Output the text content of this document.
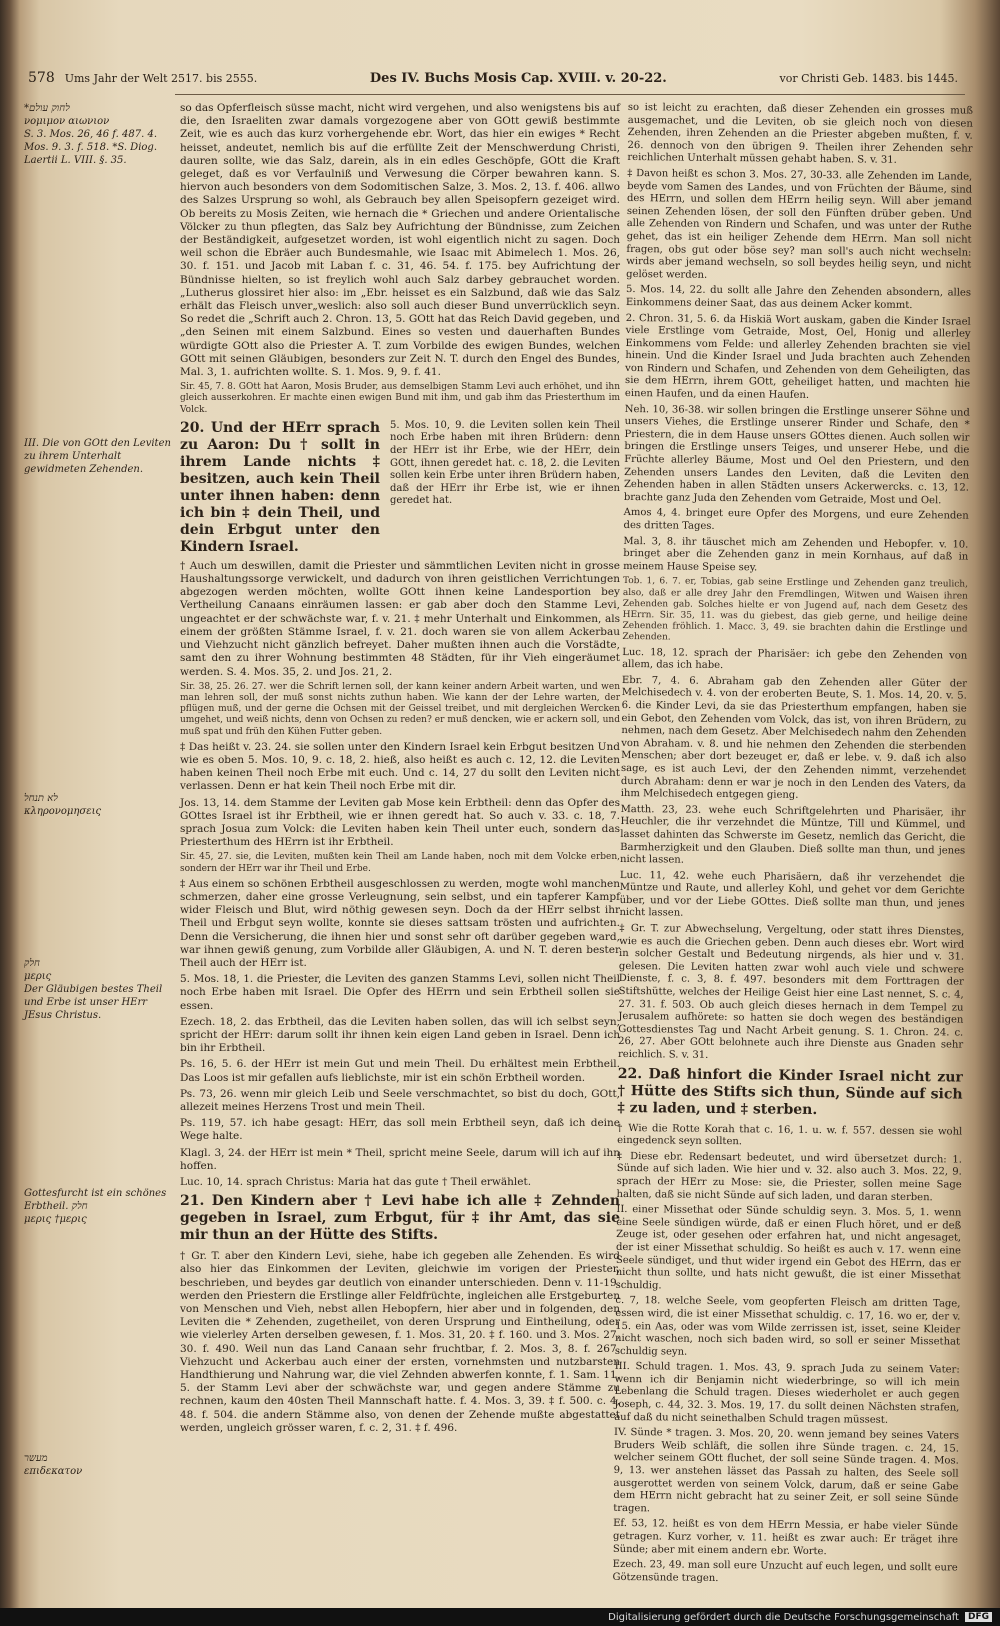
578 Ums Jahr der Welt 2517. bis 2555.	Des IV. Buchs Mosis Cap. XVIII. v. 20-22.	vor Christi Geb. 1483. bis 1445.
*לחוק עולם
νομιμον αιωνιον
S. 3. Mos. 26, 46 f. 487. 4. Mos. 9. 3. f. 518. *S. Diog. Laertii L. VIII. §. 35.
III. Die von GOtt den Leviten zu ihrem Unterhalt gewidmeten Zehenden.
לא תנחל
κληρονομησεις
חלק
μερις
Der Gläubigen bestes Theil und Erbe ist unser HErr JEsus Christus.
Gottesfurcht ist ein schönes Erbtheil. חלק
μερις †μερις
מעשר
επιδεκατον

so das Opferfleisch süsse macht, nicht wird vergehen, und also wenigstens bis auf die, den Israeliten zwar damals vorgezogene aber von GOtt gewiß bestimmte Zeit, wie es auch das kurz vorhergehende ebr. Wort, das hier ein ewiges * Recht heisset, andeutet, nemlich bis auf die erfüllte Zeit der Menschwerdung Christi, dauren sollte, wie das Salz, darein, als in ein edles Geschöpfe, GOtt die Kraft geleget, daß es vor Verfaulniß und Verwesung die Cörper bewahren kann. S. hiervon auch besonders von dem Sodomitischen Salze, 3. Mos. 2, 13. f. 406. allwo des Salzes Ursprung so wohl, als Gebrauch bey allen Speisopfern gezeiget wird. Ob bereits zu Mosis Zeiten, wie hernach die * Griechen und andere Orientalische Völcker zu thun pflegten, das Salz bey Aufrichtung der Bündnisse, zum Zeichen der Beständigkeit, aufgesetzet worden, ist wohl eigentlich nicht zu sagen. Doch weil schon die Ebräer auch Bundesmahle, wie Isaac mit Abimelech 1. Mos. 26, 30. f. 151. und Jacob mit Laban f. c. 31, 46. 54. f. 175. bey Aufrichtung der Bündnisse hielten, so ist freylich wohl auch Salz darbey gebrauchet worden. „Lutherus glossiret hier also: im „Ebr. heisset es ein Salzbund, daß wie das Salz erhält das Fleisch unver„weslich: also soll auch dieser Bund unverrücklich seyn. So redet die „Schrift auch 2. Chron. 13, 5. GOtt hat das Reich David gegeben, und „den Seinen mit einem Salzbund. Eines so vesten und dauerhaften Bundes würdigte GOtt also die Priester A. T. zum Vorbilde des ewigen Bundes, welchen GOtt mit seinen Gläubigen, besonders zur Zeit N. T. durch den Engel des Bundes, Mal. 3, 1. aufrichten wollte. S. 1. Mos. 9, 9. f. 41.

Sir. 45, 7. 8. GOtt hat Aaron, Mosis Bruder, aus demselbigen Stamm Levi auch erhöhet, und ihn gleich ausserkohren. Er machte einen ewigen Bund mit ihm, und gab ihm das Priesterthum im Volck.

20. Und der HErr sprach zu Aaron: Du † sollt in ihrem Lande nichts ‡ besitzen, auch kein Theil unter ihnen haben: denn ich bin ‡ dein Theil, und dein Erbgut unter den Kindern Israel.
5. Mos. 10, 9. die Leviten sollen kein Theil noch Erbe haben mit ihren Brüdern: denn der HErr ist ihr Erbe, wie der HErr, dein GOtt, ihnen geredet hat. c. 18, 2. die Leviten sollen kein Erbe unter ihren Brüdern haben, daß der HErr ihr Erbe ist, wie er ihnen geredet hat.

† Auch um deswillen, damit die Priester und sämmtlichen Leviten nicht in grosse Haushaltungssorge verwickelt, und dadurch von ihren geistlichen Verrichtungen abgezogen werden möchten, wollte GOtt ihnen keine Landesportion bey Vertheilung Canaans einräumen lassen: er gab aber doch den Stamme Levi, ungeachtet er der schwächste war, f. v. 21. ‡ mehr Unterhalt und Einkommen, als einem der größten Stämme Israel, f. v. 21. doch waren sie von allem Ackerbau und Viehzucht nicht gänzlich befreyet. Daher mußten ihnen auch die Vorstädte, samt den zu ihrer Wohnung bestimmten 48 Städten, für ihr Vieh eingeräumet werden. S. 4. Mos. 35, 2. und Jos. 21, 2.

Sir. 38, 25. 26. 27. wer die Schrift lernen soll, der kann keiner andern Arbeit warten, und wen man lehren soll, der muß sonst nichts zuthun haben. Wie kann der der Lehre warten, der pflügen muß, und der gerne die Ochsen mit der Geissel treibet, und mit dergleichen Wercken umgehet, und weiß nichts, denn von Ochsen zu reden? er muß dencken, wie er ackern soll, und muß spat und früh den Kühen Futter geben.

‡ Das heißt v. 23. 24. sie sollen unter den Kindern Israel kein Erbgut besitzen Und wie es oben 5. Mos. 10, 9. c. 18, 2. hieß, also heißt es auch c. 12, 12. die Leviten haben keinen Theil noch Erbe mit euch. Und c. 14, 27 du sollt den Leviten nicht verlassen. Denn er hat kein Theil noch Erbe mit dir.

Jos. 13, 14. dem Stamme der Leviten gab Mose kein Erbtheil: denn das Opfer des GOttes Israel ist ihr Erbtheil, wie er ihnen geredt hat. So auch v. 33. c. 18, 7. sprach Josua zum Volck: die Leviten haben kein Theil unter euch, sondern das Priesterthum des HErrn ist ihr Erbtheil.

Sir. 45, 27. sie, die Leviten, mußten kein Theil am Lande haben, noch mit dem Volcke erben, sondern der HErr war ihr Theil und Erbe.

‡ Aus einem so schönen Erbtheil ausgeschlossen zu werden, mogte wohl manchen schmerzen, daher eine grosse Verleugnung, sein selbst, und ein tapferer Kampf wider Fleisch und Blut, wird nöthig gewesen seyn. Doch da der HErr selbst ihr Theil und Erbgut seyn wollte, konnte sie dieses sattsam trösten und aufrichten. Denn die Versicherung, die ihnen hier und sonst sehr oft darüber gegeben ward, war ihnen gewiß genung, zum Vorbilde aller Gläubigen, A. und N. T. deren bester Theil auch der HErr ist.

5. Mos. 18, 1. die Priester, die Leviten des ganzen Stamms Levi, sollen nicht Theil noch Erbe haben mit Israel. Die Opfer des HErrn und sein Erbtheil sollen sie essen.

Ezech. 18, 2. das Erbtheil, das die Leviten haben sollen, das will ich selbst seyn, spricht der HErr: darum sollt ihr ihnen kein eigen Land geben in Israel. Denn ich bin ihr Erbtheil.

Ps. 16, 5. 6. der HErr ist mein Gut und mein Theil. Du erhältest mein Erbtheil. Das Loos ist mir gefallen aufs lieblichste, mir ist ein schön Erbtheil worden.

Ps. 73, 26. wenn mir gleich Leib und Seele verschmachtet, so bist du doch, GOtt, allezeit meines Herzens Trost und mein Theil.

Ps. 119, 57. ich habe gesagt: HErr, das soll mein Erbtheil seyn, daß ich deine Wege halte.

Klagl. 3, 24. der HErr ist mein * Theil, spricht meine Seele, darum will ich auf ihn hoffen.

Luc. 10, 14. sprach Christus: Maria hat das gute † Theil erwählet.

21. Den Kindern aber † Levi habe ich alle ‡ Zehnden gegeben in Israel, zum Erbgut, für ‡ ihr Amt, das sie mir thun an der Hütte des Stifts.

† Gr. T. aber den Kindern Levi, siehe, habe ich gegeben alle Zehenden. Es wird also hier das Einkommen der Leviten, gleichwie im vorigen der Priester, beschrieben, und beydes gar deutlich von einander unterschieden. Denn v. 11-19. werden den Priestern die Erstlinge aller Feldfrüchte, ingleichen alle Erstgeburten von Menschen und Vieh, nebst allen Hebopfern, hier aber und in folgenden, den Leviten die * Zehenden, zugetheilet, von deren Ursprung und Eintheilung, oder wie vielerley Arten derselben gewesen, f. 1. Mos. 31, 20. ‡ f. 160. und 3. Mos. 27, 30. f. 490. Weil nun das Land Canaan sehr fruchtbar, f. 2. Mos. 3, 8. f. 267. Viehzucht und Ackerbau auch einer der ersten, vornehmsten und nutzbarsten Handthierung und Nahrung war, die viel Zehnden abwerfen konnte, f. 1. Sam. 11, 5. der Stamm Levi aber der schwächste war, und gegen andere Stämme zu rechnen, kaum den 40sten Theil Mannschaft hatte. f. 4. Mos. 3, 39. ‡ f. 500. c. 4, 48. f. 504. die andern Stämme also, von denen der Zehende mußte abgestattet werden, ungleich grösser waren, f. c. 2, 31. ‡ f. 496.

so ist leicht zu erachten, daß dieser Zehenden ein grosses muß ausgemachet, und die Leviten, ob sie gleich noch von diesen Zehenden, ihren Zehenden an die Priester abgeben mußten, f. v. 26. dennoch von den übrigen 9. Theilen ihrer Zehenden sehr reichlichen Unterhalt müssen gehabt haben. S. v. 31.

‡ Davon heißt es schon 3. Mos. 27, 30-33. alle Zehenden im Lande, beyde vom Samen des Landes, und von Früchten der Bäume, sind des HErrn, und sollen dem HErrn heilig seyn. Will aber jemand seinen Zehenden lösen, der soll den Fünften drüber geben. Und alle Zehenden von Rindern und Schafen, und was unter der Ruthe gehet, das ist ein heiliger Zehende dem HErrn. Man soll nicht fragen, obs gut oder böse sey? man soll's auch nicht wechseln: wirds aber jemand wechseln, so soll beydes heilig seyn, und nicht gelöset werden.

5. Mos. 14, 22. du sollt alle Jahre den Zehenden absondern, alles Einkommens deiner Saat, das aus deinem Acker kommt.

2. Chron. 31, 5. 6. da Hiskiä Wort auskam, gaben die Kinder Israel viele Erstlinge vom Getraide, Most, Oel, Honig und allerley Einkommens vom Felde: und allerley Zehenden brachten sie viel hinein. Und die Kinder Israel und Juda brachten auch Zehenden von Rindern und Schafen, und Zehenden von dem Geheiligten, das sie dem HErrn, ihrem GOtt, geheiliget hatten, und machten hie einen Haufen, und da einen Haufen.

Neh. 10, 36-38. wir sollen bringen die Erstlinge unserer Söhne und unsers Viehes, die Erstlinge unserer Rinder und Schafe, den * Priestern, die in dem Hause unsers GOttes dienen. Auch sollen wir bringen die Erstlinge unsers Teiges, und unserer Hebe, und die Früchte allerley Bäume, Most und Oel den Priestern, und den Zehenden unsers Landes den Leviten, daß die Leviten den Zehenden haben in allen Städten unsers Ackerwercks. c. 13, 12. brachte ganz Juda den Zehenden vom Getraide, Most und Oel.

Amos 4, 4. bringet eure Opfer des Morgens, und eure Zehenden des dritten Tages.

Mal. 3, 8. ihr täuschet mich am Zehenden und Hebopfer. v. 10. bringet aber die Zehenden ganz in mein Kornhaus, auf daß in meinem Hause Speise sey.

Tob. 1, 6. 7. er, Tobias, gab seine Erstlinge und Zehenden ganz treulich, also, daß er alle drey Jahr den Fremdlingen, Witwen und Waisen ihren Zehenden gab. Solches hielte er von Jugend auf, nach dem Gesetz des HErrn. Sir. 35, 11. was du giebest, das gieb gerne, und heilige deine Zehenden fröhlich. 1. Macc. 3, 49. sie brachten dahin die Erstlinge und Zehenden.

Luc. 18, 12. sprach der Pharisäer: ich gebe den Zehenden von allem, das ich habe.

Ebr. 7, 4. 6. Abraham gab den Zehenden aller Güter der Melchisedech v. 4. von der eroberten Beute, S. 1. Mos. 14, 20. v. 5. 6. die Kinder Levi, da sie das Priesterthum empfangen, haben sie ein Gebot, den Zehenden vom Volck, das ist, von ihren Brüdern, zu nehmen, nach dem Gesetz. Aber Melchisedech nahm den Zehenden von Abraham. v. 8. und hie nehmen den Zehenden die sterbenden Menschen; aber dort bezeuget er, daß er lebe. v. 9. daß ich also sage, es ist auch Levi, der den Zehenden nimmt, verzehendet durch Abraham: denn er war je noch in den Lenden des Vaters, da ihm Melchisedech entgegen gieng.

Matth. 23, 23. wehe euch Schriftgelehrten und Pharisäer, ihr Heuchler, die ihr verzehndet die Müntze, Till und Kümmel, und lasset dahinten das Schwerste im Gesetz, nemlich das Gericht, die Barmherzigkeit und den Glauben. Dieß sollte man thun, und jenes nicht lassen.

Luc. 11, 42. wehe euch Pharisäern, daß ihr verzehendet die Müntze und Raute, und allerley Kohl, und gehet vor dem Gerichte über, und vor der Liebe GOttes. Dieß sollte man thun, und jenes nicht lassen.

‡ Gr. T. zur Abwechselung, Vergeltung, oder statt ihres Dienstes, wie es auch die Griechen geben. Denn auch dieses ebr. Wort wird in solcher Gestalt und Bedeutung nirgends, als hier und v. 31. gelesen. Die Leviten hatten zwar wohl auch viele und schwere Dienste, f. c. 3, 8. f. 497. besonders mit dem Forttragen der Stiftshütte, welches der Heilige Geist hier eine Last nennet, S. c. 4, 27. 31. f. 503. Ob auch gleich dieses hernach in dem Tempel zu Jerusalem aufhörete: so hatten sie doch wegen des beständigen Gottesdienstes Tag und Nacht Arbeit genung. S. 1. Chron. 24. c. 26, 27. Aber GOtt belohnete auch ihre Dienste aus Gnaden sehr reichlich. S. v. 31.

22. Daß hinfort die Kinder Israel nicht zur † Hütte des Stifts sich thun, Sünde auf sich ‡ zu laden, und ‡ sterben.

† Wie die Rotte Korah that c. 16, 1. u. w. f. 557. dessen sie wohl eingedenck seyn sollten.

‡ Diese ebr. Redensart bedeutet, und wird übersetzet durch: 1. Sünde auf sich laden. Wie hier und v. 32. also auch 3. Mos. 22, 9. sprach der HErr zu Mose: sie, die Priester, sollen meine Sage halten, daß sie nicht Sünde auf sich laden, und daran sterben.

II. einer Missethat oder Sünde schuldig seyn. 3. Mos. 5, 1. wenn eine Seele sündigen würde, daß er einen Fluch höret, und er deß Zeuge ist, oder gesehen oder erfahren hat, und nicht angesaget, der ist einer Missethat schuldig. So heißt es auch v. 17. wenn eine Seele sündiget, und thut wider irgend ein Gebot des HErrn, das er nicht thun sollte, und hats nicht gewußt, die ist einer Missethat schuldig.

c. 7, 18. welche Seele, vom geopferten Fleisch am dritten Tage, essen wird, die ist einer Missethat schuldig. c. 17, 16. wo er, der v. 15. ein Aas, oder was vom Wilde zerrissen ist, isset, seine Kleider nicht waschen, noch sich baden wird, so soll er seiner Missethat schuldig seyn.

III. Schuld tragen. 1. Mos. 43, 9. sprach Juda zu seinem Vater: wenn ich dir Benjamin nicht wiederbringe, so will ich mein Lebenlang die Schuld tragen. Dieses wiederholet er auch gegen Joseph, c. 44, 32. 3. Mos. 19, 17. du sollt deinen Nächsten strafen, auf daß du nicht seinethalben Schuld tragen müssest.

IV. Sünde * tragen. 3. Mos. 20, 20. wenn jemand bey seines Vaters Bruders Weib schläft, die sollen ihre Sünde tragen. c. 24, 15. welcher seinem GOtt fluchet, der soll seine Sünde tragen. 4. Mos. 9, 13. wer anstehen lässet das Passah zu halten, des Seele soll ausgerottet werden von seinem Volck, darum, daß er seine Gabe dem HErrn nicht gebracht hat zu seiner Zeit, er soll seine Sünde tragen.

Ef. 53, 12. heißt es von dem HErrn Messia, er habe vieler Sünde getragen. Kurz vorher, v. 11. heißt es zwar auch: Er träget ihre Sünde; aber mit einem andern ebr. Worte.

Ezech. 23, 49. man soll eure Unzucht auf euch legen, und sollt eure Götzensünde tragen.

Digitalisierung gefördert durch die Deutsche Forschungsgemeinschaft	DFG
